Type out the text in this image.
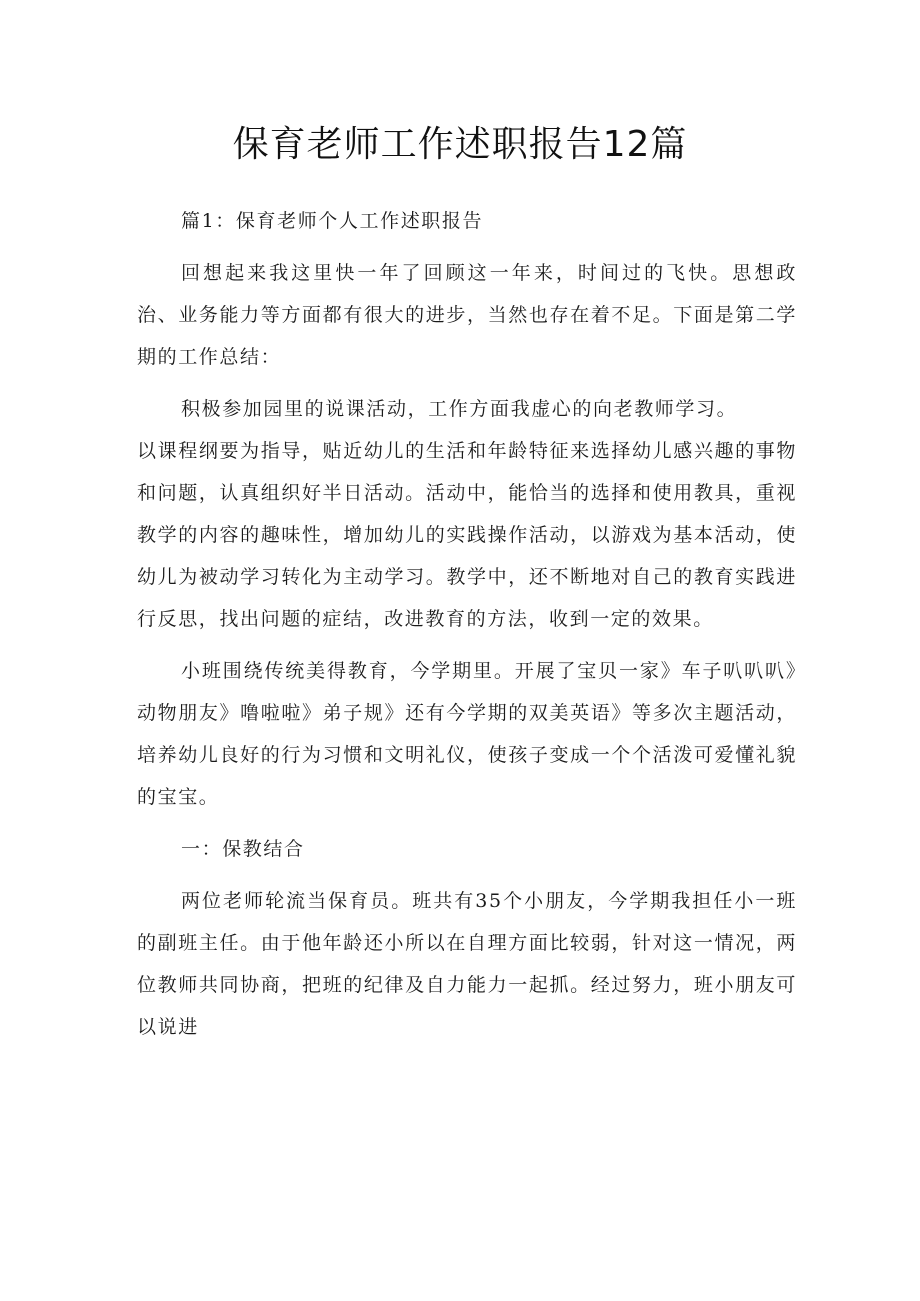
保育老师工作述职报告12篇

篇1：保育老师个人工作述职报告

回想起来我这里快一年了回顾这一年来，时间过的飞快。思想政治、业务能力等方面都有很大的进步，当然也存在着不足。下面是第二学期的工作总结：

积极参加园里的说课活动，工作方面我虚心的向老教师学习。

以课程纲要为指导，贴近幼儿的生活和年龄特征来选择幼儿感兴趣的事物和问题，认真组织好半日活动。活动中，能恰当的选择和使用教具，重视教学的内容的趣味性，增加幼儿的实践操作活动，以游戏为基本活动，使幼儿为被动学习转化为主动学习。教学中，还不断地对自己的教育实践进行反思，找出问题的症结，改进教育的方法，收到一定的效果。

小班围绕传统美得教育，今学期里。开展了宝贝一家》车子叭叭叭》动物朋友》噜啦啦》弟子规》还有今学期的双美英语》等多次主题活动，培养幼儿良好的行为习惯和文明礼仪，使孩子变成一个个活泼可爱懂礼貌的宝宝。

一：保教结合

两位老师轮流当保育员。班共有35个小朋友，今学期我担任小一班的副班主任。由于他年龄还小所以在自理方面比较弱，针对这一情况，两位教师共同协商，把班的纪律及自力能力一起抓。经过努力，班小朋友可以说进
